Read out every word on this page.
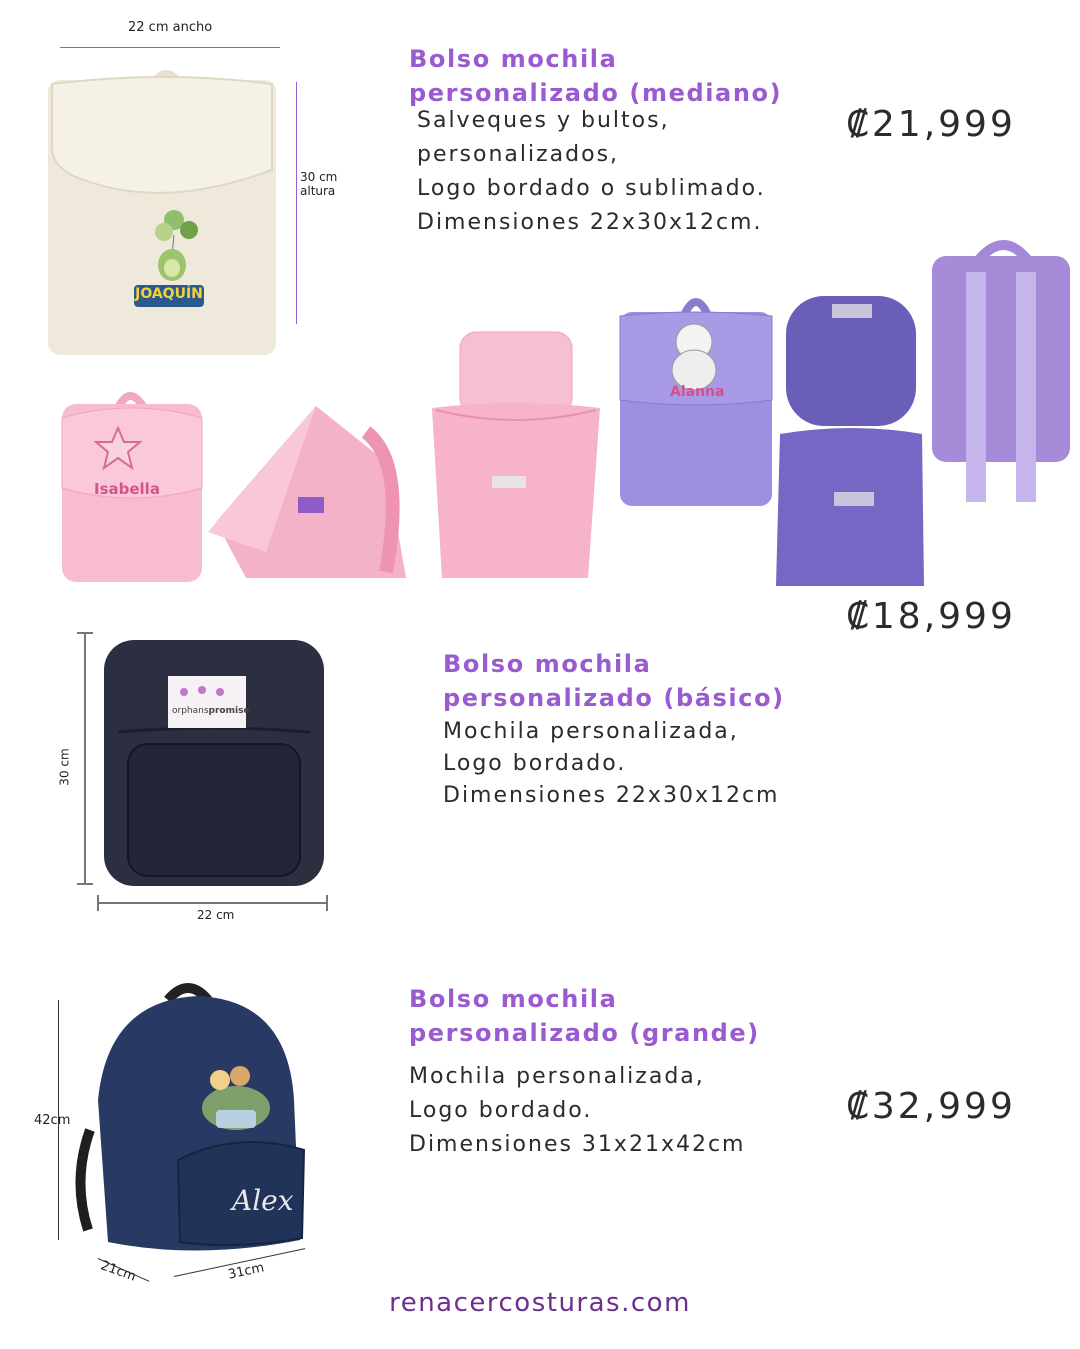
22 cm ancho
JOAQUÍN
30 cm
altura
Bolso mochila
personalizado (mediano)
Salveques y bultos,
personalizados,
Logo bordado o sublimado.
Dimensiones 22x30x12cm.
₡21,999
Isabella
Alanna
₡18,999
30 cm
orphanspromise
22 cm
Bolso mochila
personalizado (básico)
Mochila personalizada,
Logo bordado.
Dimensiones 22x30x12cm
42cm
Alex
21cm	31cm
Bolso mochila
personalizado (grande)
Mochila personalizada,
Logo bordado.
Dimensiones 31x21x42cm
₡32,999
renacercosturas.com
